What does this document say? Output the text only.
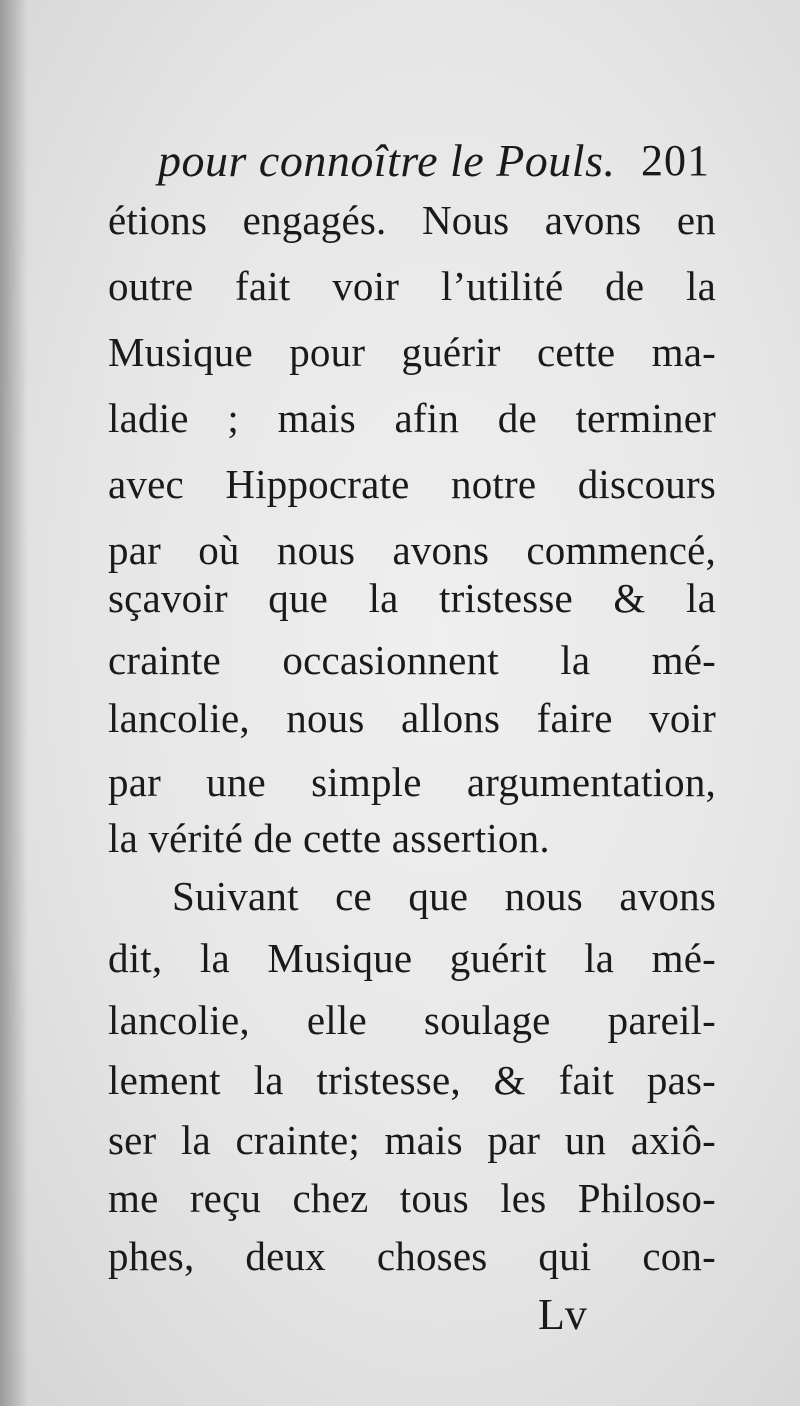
pour connoître le Pouls. 201
étions engagés. Nous avons en
outre fait voir l’utilité de la
Musique pour guérir cette ma-
ladie ; mais afin de terminer
avec Hippocrate notre discours
par où nous avons commencé,
sçavoir que la tristesse & la
crainte occasionnent la mé-
lancolie, nous allons faire voir
par une simple argumentation,
la vérité de cette assertion.
Suivant ce que nous avons
dit, la Musique guérit la mé-
lancolie, elle soulage pareil-
lement la tristesse, & fait pas-
ser la crainte; mais par un axiô-
me reçu chez tous les Philoso-
phes, deux choses qui con-
Lv
